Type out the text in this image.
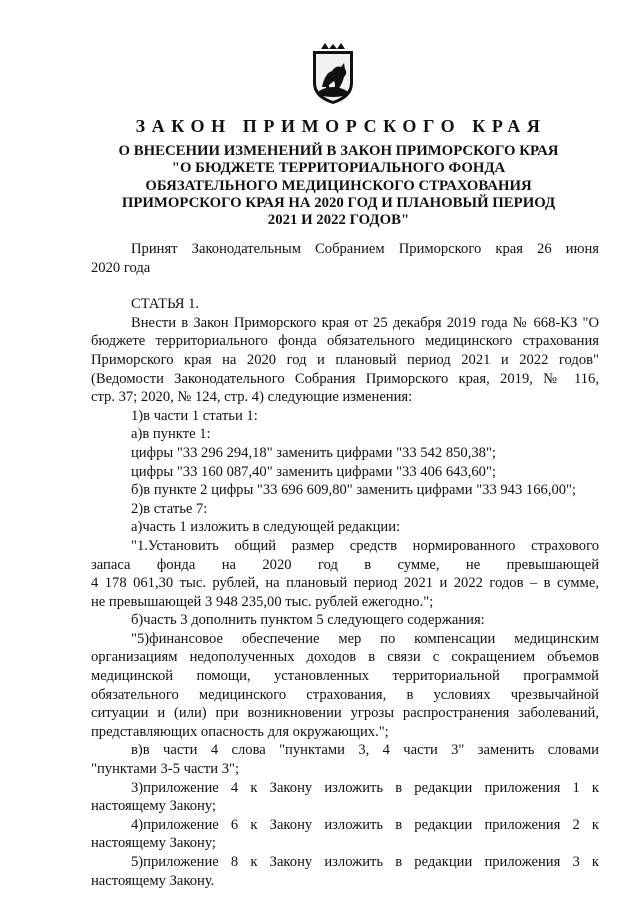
ЗАКОН ПРИМОРСКОГО КРАЯ
О ВНЕСЕНИИ ИЗМЕНЕНИЙ В ЗАКОН ПРИМОРСКОГО КРАЯ
"О БЮДЖЕТЕ ТЕРРИТОРИАЛЬНОГО ФОНДА
ОБЯЗАТЕЛЬНОГО МЕДИЦИНСКОГО СТРАХОВАНИЯ
ПРИМОРСКОГО КРАЯ НА 2020 ГОД И ПЛАНОВЫЙ ПЕРИОД
2021 И 2022 ГОДОВ"
Принят Законодательным Собранием Приморского края 26 июня
2020 года
СТАТЬЯ 1.
Внести в Закон Приморского края от 25 декабря 2019 года № 668-КЗ "О
бюджете территориального фонда обязательного медицинского страхования
Приморского края на 2020 год и плановый период 2021 и 2022 годов"
(Ведомости Законодательного Собрания Приморского края, 2019, № 116,
стр. 37; 2020, № 124, стр. 4) следующие изменения:
1)в части 1 статьи 1:
а)в пункте 1:
цифры "33 296 294,18" заменить цифрами "33 542 850,38";
цифры "33 160 087,40" заменить цифрами "33 406 643,60";
б)в пункте 2 цифры "33 696 609,80" заменить цифрами "33 943 166,00";
2)в статье 7:
а)часть 1 изложить в следующей редакции:
"1.Установить общий размер средств нормированного страхового
запаса фонда на 2020 год в сумме, не превышающей
4 178 061,30 тыс. рублей, на плановый период 2021 и 2022 годов – в сумме,
не превышающей 3 948 235,00 тыс. рублей ежегодно.";
б)часть 3 дополнить пунктом 5 следующего содержания:
"5)финансовое обеспечение мер по компенсации медицинским
организациям недополученных доходов в связи с сокращением объемов
медицинской помощи, установленных территориальной программой
обязательного медицинского страхования, в условиях чрезвычайной
ситуации и (или) при возникновении угрозы распространения заболеваний,
представляющих опасность для окружающих.";
в)в части 4 слова "пунктами 3, 4 части 3" заменить словами
"пунктами 3-5 части 3";
3)приложение 4 к Закону изложить в редакции приложения 1 к
настоящему Закону;
4)приложение 6 к Закону изложить в редакции приложения 2 к
настоящему Закону;
5)приложение 8 к Закону изложить в редакции приложения 3 к
настоящему Закону.
